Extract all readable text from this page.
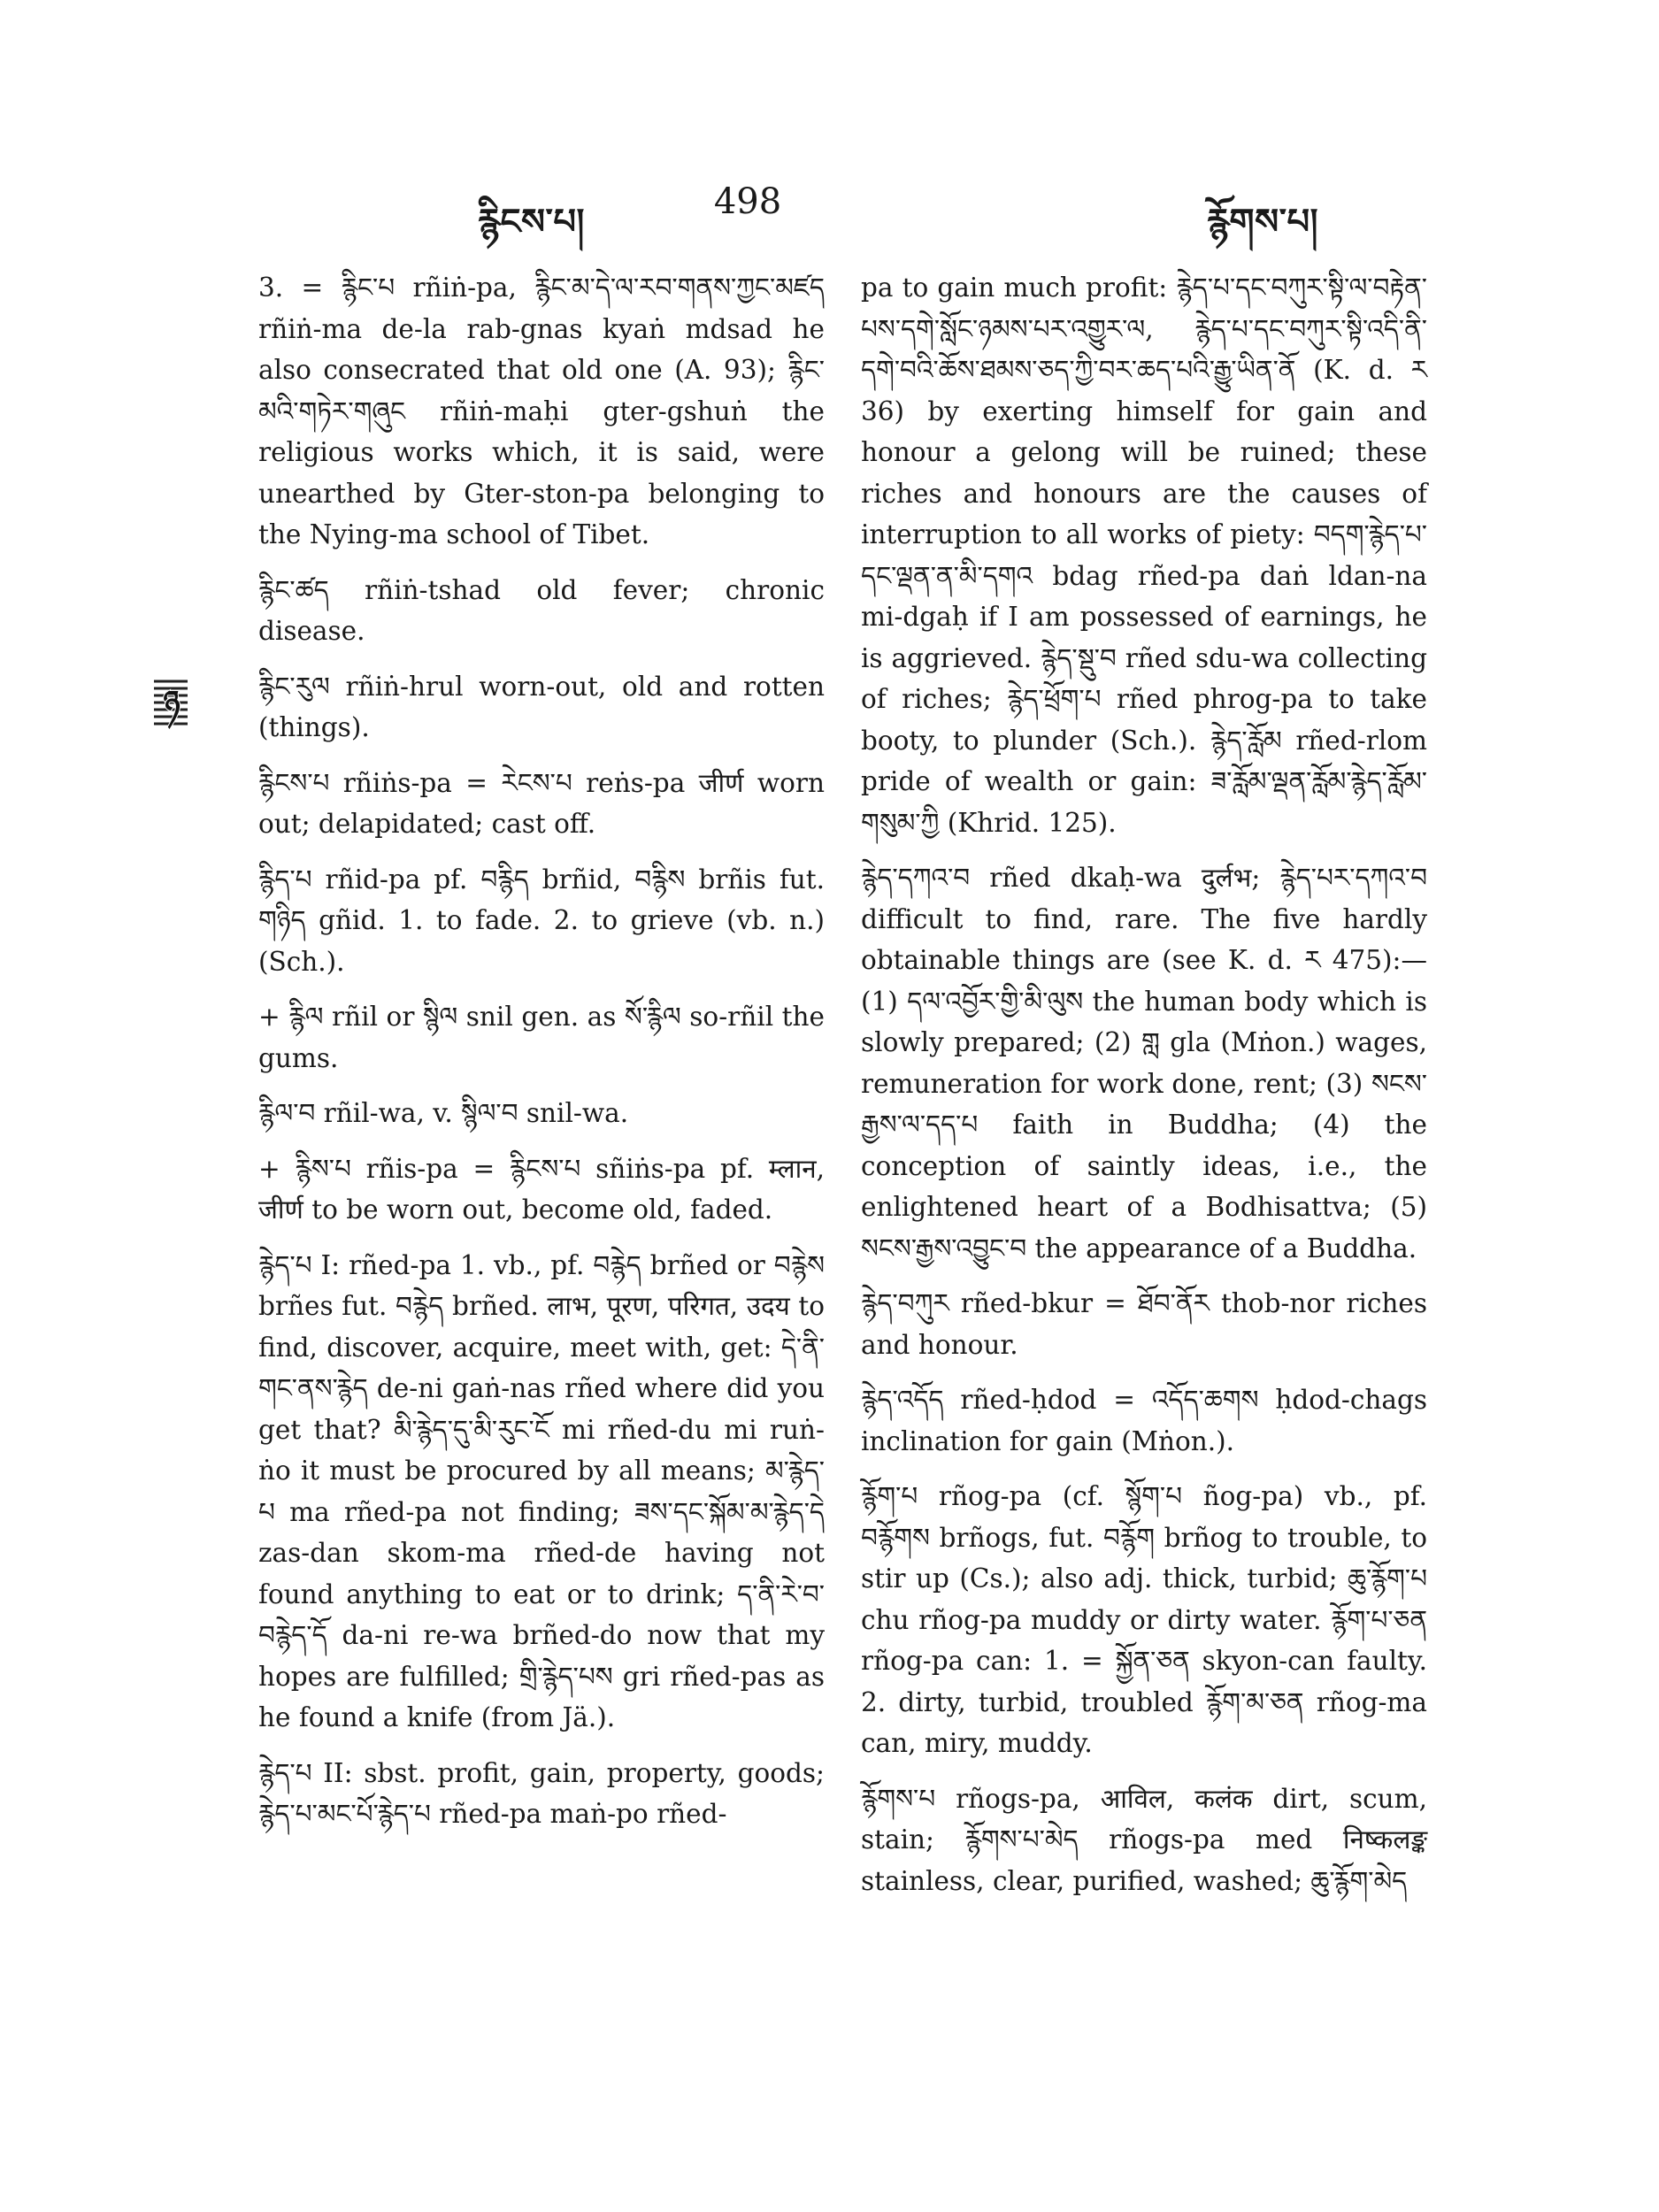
རྙིངས་པ།	498	རྙོགས་པ།
ཉ

3. = རྙིང་པ rñiṅ-pa, རྙིང་མ་དེ་ལ་རབ་གནས་ཀྱང་མཛད rñiṅ-ma de-la rab-gnas kyaṅ mdsad he also consecrated that old one (A. 93); རྙིང་མའི་གཏེར་གཞུང rñiṅ-maḥi gter-gshuṅ the religious works which, it is said, were unearthed by Gter-ston-pa belonging to the Nying-ma school of Tibet.

རྙིང་ཚད rñiṅ-tshad old fever; chronic disease.

རྙིང་རུལ rñiṅ-hrul worn-out, old and rotten (things).

རྙིངས་པ rñiṅs-pa = རེངས་པ reṅs-pa जीर्ण worn out; delapidated; cast off.

རྙིད་པ rñid-pa pf. བརྙིད brñid, བརྙིས brñis fut. གཉིད gñid. 1. to fade. 2. to grieve (vb. n.) (Sch.).

+ རྙིལ rñil or སྙིལ snil gen. as སོ་རྙིལ so-rñil the gums.

རྙིལ་བ rñil-wa, v. སྙིལ་བ snil-wa.

+ རྙིས་པ rñis-pa = རྙིངས་པ sñiṅs-pa pf. म्लान, जीर्ण to be worn out, become old, faded.

རྙེད་པ I: rñed-pa 1. vb., pf. བརྙེད brñed or བརྙེས brñes fut. བརྙེད brñed. लाभ, पूरण, परिगत, उदय to find, discover, acquire, meet with, get: དེ་ནི་གང་ནས་རྙེད de-ni gaṅ-nas rñed where did you get that? མི་རྙེད་དུ་མི་རུང་ངོ mi rñed-du mi ruṅ-ṅo it must be procured by all means; མ་རྙེད་པ ma rñed-pa not finding; ཟས་དང་སྐོམ་མ་རྙེད་དེ zas-dan skom-ma rñed-de having not found anything to eat or to drink; ད་ནི་རེ་བ་བརྙེད་དོ da-ni re-wa brñed-do now that my hopes are fulfilled; གྲི་རྙེད་པས gri rñed-pas as he found a knife (from Jä.).

རྙེད་པ II: sbst. profit, gain, property, goods; རྙེད་པ་མང་པོ་རྙེད་པ rñed-pa maṅ-po rñed-

pa to gain much profit: རྙེད་པ་དང་བཀུར་སྟི་ལ་བརྟེན་པས་དགེ་སློང་ཉམས་པར་འགྱུར་ལ, རྙེད་པ་དང་བཀུར་སྟི་འདི་ནི་དགེ་བའི་ཆོས་ཐམས་ཅད་ཀྱི་བར་ཆད་པའི་རྒྱུ་ཡིན་ནོ (K. d. ར 36) by exerting himself for gain and honour a gelong will be ruined; these riches and honours are the causes of interruption to all works of piety: བདག་རྙེད་པ་དང་ལྡན་ན་མི་དགའ bdag rñed-pa daṅ ldan-na mi-dgaḥ if I am possessed of earnings, he is aggrieved. རྙེད་སྡུ་བ rñed sdu-wa collecting of riches; རྙེད་ཕྲོག་པ rñed phrog-pa to take booty, to plunder (Sch.). རྙེད་རློམ rñed-rlom pride of wealth or gain: ཟ་རློམ་ལྡན་རློམ་རྙེད་རློམ་གསུམ་ཀྱི (Khrid. 125).

རྙེད་དཀའ་བ rñed dkaḥ-wa दुर्लभ; རྙེད་པར་དཀའ་བ difficult to find, rare. The five hardly obtainable things are (see K. d. ར 475):— (1) དལ་འབྱོར་གྱི་མི་ལུས the human body which is slowly prepared; (2) གླ gla (Mṅon.) wages, remuneration for work done, rent; (3) སངས་རྒྱས་ལ་དད་པ faith in Buddha; (4) the conception of saintly ideas, i.e., the enlightened heart of a Bodhisattva; (5) སངས་རྒྱས་འབྱུང་བ the appearance of a Buddha.

རྙེད་བཀུར rñed-bkur = ཐོབ་ནོར thob-nor riches and honour.

རྙེད་འདོད rñed-ḥdod = འདོད་ཆགས ḥdod-chags inclination for gain (Mṅon.).

རྙོག་པ rñog-pa (cf. སྙོག་པ ñog-pa) vb., pf. བརྙོགས brñogs, fut. བརྙོག brñog to trouble, to stir up (Cs.); also adj. thick, turbid; ཆུ་རྙོག་པ chu rñog-pa muddy or dirty water. རྙོག་པ་ཅན rñog-pa can: 1. = སྐྱོན་ཅན skyon-can faulty. 2. dirty, turbid, troubled རྙོག་མ་ཅན rñog-ma can, miry, muddy.

རྙོགས་པ rñogs-pa, आविल, कलंक dirt, scum, stain; རྙོགས་པ་མེད rñogs-pa med निष्कलङ्क stainless, clear, purified, washed; ཆུ་རྙོག་མེད
